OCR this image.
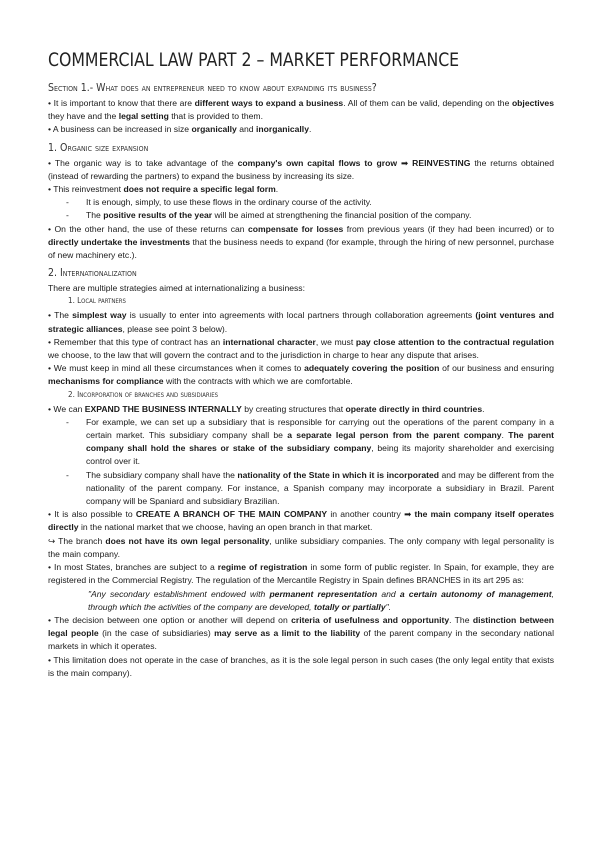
COMMERCIAL LAW PART 2 – MARKET PERFORMANCE
Section 1.- What does an entrepreneur need to know about expanding its business?

• It is important to know that there are different ways to expand a business. All of them can be valid, depending on the objectives they have and the legal setting that is provided to them.

• A business can be increased in size organically and inorganically.

1. Organic size expansion

• The organic way is to take advantage of the company's own capital flows to grow ➡ REINVESTING the returns obtained (instead of rewarding the partners) to expand the business by increasing its size.

• This reinvestment does not require a specific legal form.

- It is enough, simply, to use these flows in the ordinary course of the activity.

- The positive results of the year will be aimed at strengthening the financial position of the company.

• On the other hand, the use of these returns can compensate for losses from previous years (if they had been incurred) or to directly undertake the investments that the business needs to expand (for example, through the hiring of new personnel, purchase of new machinery etc.).

2. Internationalization

There are multiple strategies aimed at internationalizing a business:

1. Local partners

• The simplest way is usually to enter into agreements with local partners through collaboration agreements (joint ventures and strategic alliances, please see point 3 below).

• Remember that this type of contract has an international character, we must pay close attention to the contractual regulation we choose, to the law that will govern the contract and to the jurisdiction in charge to hear any dispute that arises.

• We must keep in mind all these circumstances when it comes to adequately covering the position of our business and ensuring mechanisms for compliance with the contracts with which we are comfortable.

2. Incorporation of branches and subsidiaries

• We can EXPAND THE BUSINESS INTERNALLY by creating structures that operate directly in third countries.

- For example, we can set up a subsidiary that is responsible for carrying out the operations of the parent company in a certain market. This subsidiary company shall be a separate legal person from the parent company. The parent company shall hold the shares or stake of the subsidiary company, being its majority shareholder and exercising control over it.

- The subsidiary company shall have the nationality of the State in which it is incorporated and may be different from the nationality of the parent company. For instance, a Spanish company may incorporate a subsidiary in Brazil. Parent company will be Spaniard and subsidiary Brazilian.

• It is also possible to CREATE A BRANCH OF THE MAIN COMPANY in another country ➡ the main company itself operates directly in the national market that we choose, having an open branch in that market.

↪ The branch does not have its own legal personality, unlike subsidiary companies. The only company with legal personality is the main company.

• In most States, branches are subject to a regime of registration in some form of public register. In Spain, for example, they are registered in the Commercial Registry. The regulation of the Mercantile Registry in Spain defines BRANCHES in its art 295 as:

"Any secondary establishment endowed with permanent representation and a certain autonomy of management, through which the activities of the company are developed, totally or partially".

• The decision between one option or another will depend on criteria of usefulness and opportunity. The distinction between legal people (in the case of subsidiaries) may serve as a limit to the liability of the parent company in the secondary national markets in which it operates.

• This limitation does not operate in the case of branches, as it is the sole legal person in such cases (the only legal entity that exists is the main company).
